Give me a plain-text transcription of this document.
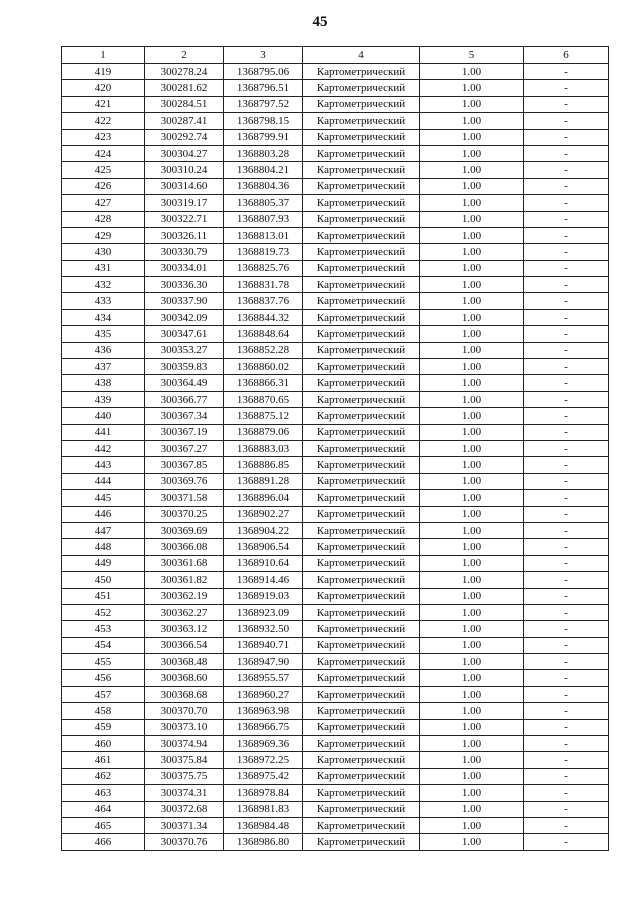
45
1	2	3	4	5	6
419	300278.24	1368795.06	Картометрический	1.00	-
420	300281.62	1368796.51	Картометрический	1.00	-
421	300284.51	1368797.52	Картометрический	1.00	-
422	300287.41	1368798.15	Картометрический	1.00	-
423	300292.74	1368799.91	Картометрический	1.00	-
424	300304.27	1368803.28	Картометрический	1.00	-
425	300310.24	1368804.21	Картометрический	1.00	-
426	300314.60	1368804.36	Картометрический	1.00	-
427	300319.17	1368805.37	Картометрический	1.00	-
428	300322.71	1368807.93	Картометрический	1.00	-
429	300326.11	1368813.01	Картометрический	1.00	-
430	300330.79	1368819.73	Картометрический	1.00	-
431	300334.01	1368825.76	Картометрический	1.00	-
432	300336.30	1368831.78	Картометрический	1.00	-
433	300337.90	1368837.76	Картометрический	1.00	-
434	300342.09	1368844.32	Картометрический	1.00	-
435	300347.61	1368848.64	Картометрический	1.00	-
436	300353.27	1368852.28	Картометрический	1.00	-
437	300359.83	1368860.02	Картометрический	1.00	-
438	300364.49	1368866.31	Картометрический	1.00	-
439	300366.77	1368870.65	Картометрический	1.00	-
440	300367.34	1368875.12	Картометрический	1.00	-
441	300367.19	1368879.06	Картометрический	1.00	-
442	300367.27	1368883.03	Картометрический	1.00	-
443	300367.85	1368886.85	Картометрический	1.00	-
444	300369.76	1368891.28	Картометрический	1.00	-
445	300371.58	1368896.04	Картометрический	1.00	-
446	300370.25	1368902.27	Картометрический	1.00	-
447	300369.69	1368904.22	Картометрический	1.00	-
448	300366.08	1368906.54	Картометрический	1.00	-
449	300361.68	1368910.64	Картометрический	1.00	-
450	300361.82	1368914.46	Картометрический	1.00	-
451	300362.19	1368919.03	Картометрический	1.00	-
452	300362.27	1368923.09	Картометрический	1.00	-
453	300363.12	1368932.50	Картометрический	1.00	-
454	300366.54	1368940.71	Картометрический	1.00	-
455	300368.48	1368947.90	Картометрический	1.00	-
456	300368.60	1368955.57	Картометрический	1.00	-
457	300368.68	1368960.27	Картометрический	1.00	-
458	300370.70	1368963.98	Картометрический	1.00	-
459	300373.10	1368966.75	Картометрический	1.00	-
460	300374.94	1368969.36	Картометрический	1.00	-
461	300375.84	1368972.25	Картометрический	1.00	-
462	300375.75	1368975.42	Картометрический	1.00	-
463	300374.31	1368978.84	Картометрический	1.00	-
464	300372.68	1368981.83	Картометрический	1.00	-
465	300371.34	1368984.48	Картометрический	1.00	-
466	300370.76	1368986.80	Картометрический	1.00	-
